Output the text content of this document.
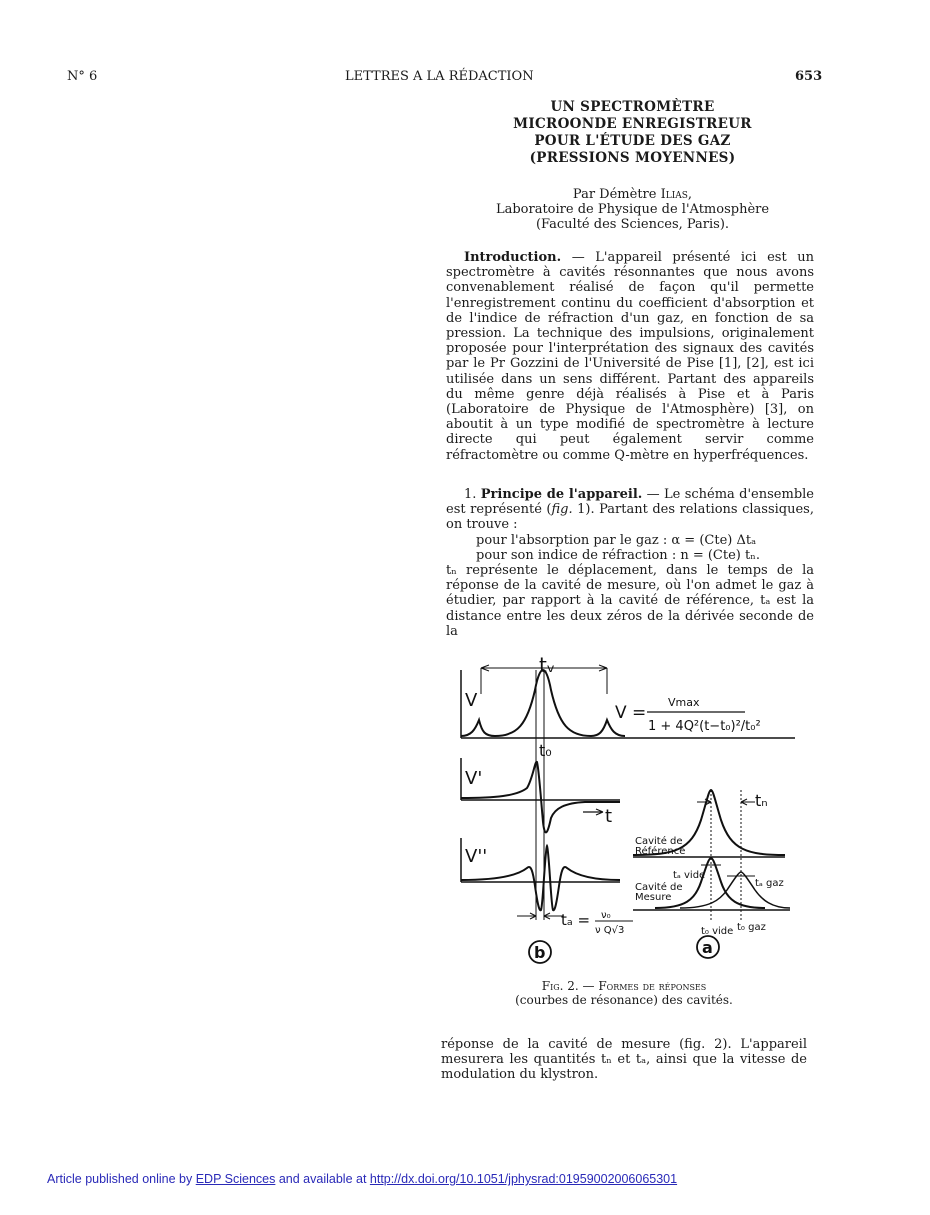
N° 6	LETTRES A LA RÉDACTION	653
UN SPECTROMÈTRE
MICROONDE ENREGISTREUR
POUR L'ÉTUDE DES GAZ
(PRESSIONS MOYENNES)
Par Démètre Ilias,
Laboratoire de Physique de l'Atmosphère
(Faculté des Sciences, Paris).

Introduction. — L'appareil présenté ici est un spectromètre à cavités résonnantes que nous avons convenablement réalisé de façon qu'il permette l'enregistrement continu du coefficient d'absorption et de l'indice de réfraction d'un gaz, en fonction de sa pression. La technique des impulsions, originalement proposée pour l'interprétation des signaux des cavités par le Pr Gozzini de l'Université de Pise [1], [2], est ici utilisée dans un sens différent. Partant des appareils du même genre déjà réalisés à Pise et à Paris (Laboratoire de Physique de l'Atmosphère) [3], on aboutit à un type modifié de spectromètre à lecture directe qui peut également servir comme réfractomètre ou comme Q-mètre en hyperfréquences.

1. Principe de l'appareil. — Le schéma d'ensemble est représenté (fig. 1). Partant des relations classiques, on trouve :

pour l'absorption par le gaz : α = (Cte) Δtₐ

pour son indice de réfraction : n = (Cte) tₙ.

tₙ représente le déplacement, dans le temps de la réponse de la cavité de mesure, où l'on admet le gaz à étudier, par rapport à la cavité de référence, tₐ est la distance entre les deux zéros de la dérivée seconde de la

tᵥ
t₀
V
V'
V''
t
V =
Vmax
1 + 4Q²(t−t₀)²/t₀²
tₐ = ν₀
ν Q√3
tₙ
Cavité de
Référence
Cavité de
Mesure
tₐ vide
tₐ gaz
t₀ vide t₀ gaz
b	a
Fig. 2. — Formes de réponses
(courbes de résonance) des cavités.

réponse de la cavité de mesure (fig. 2). L'appareil mesurera les quantités tₙ et tₐ, ainsi que la vitesse de modulation du klystron.

Article published online by EDP Sciences and available at http://dx.doi.org/10.1051/jphysrad:01959002006065301
